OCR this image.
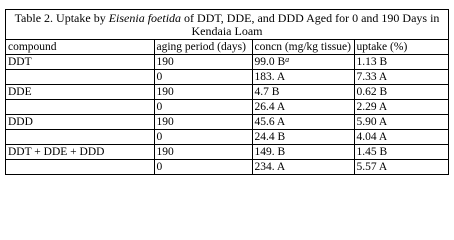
Table 2. Uptake by Eisenia foetida of DDT, DDE, and DDD Aged for 0 and 190 Days in Kendaia Loam
compound	aging period (days)	concn (mg/kg tissue)	uptake (%)
DDT	190	99.0 $B^a$	1.13 B
	0	183. A	7.33 A
DDE	190	4.7 B	0.62 B
	0	26.4 A	2.29 A
DDD	190	45.6 A	5.90 A
	0	24.4 B	4.04 A
DDT + DDE + DDD	190	149. B	1.45 B
	0	234. A	5.57 A
